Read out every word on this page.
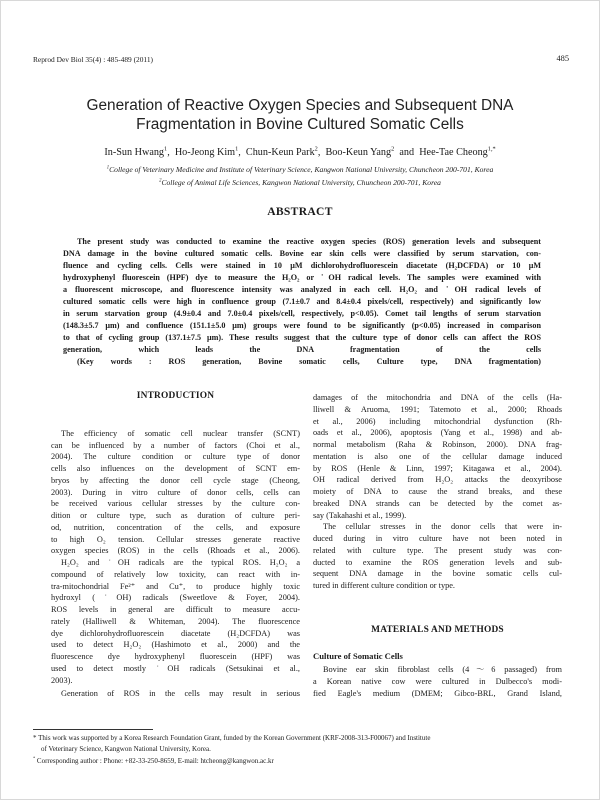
Reprod Dev Biol 35(4) : 485-489 (2011)	485
Generation of Reactive Oxygen Species and Subsequent DNA
Fragmentation in Bovine Cultured Somatic Cells
In-Sun Hwang$^1$,  Ho-Jeong Kim$^1$,  Chun-Keun Park$^2$,  Boo-Keun Yang$^2$  and  Hee-Tae Cheong$^{1,*}$
$^1$College of Veterinary Medicine and Institute of Veterinary Science, Kangwon National University, Chuncheon 200-701, Korea
$^2$College of Animal Life Sciences, Kangwon National University, Chuncheon 200-701, Korea
ABSTRACT
The present study was conducted to examine the reactive oxygen species (ROS) generation levels and subsequent
DNA damage in the bovine cultured somatic cells. Bovine ear skin cells were classified by serum starvation, con-
fluence and cycling cells. Cells were stained in 10 μM dichlorohydrofluorescein diacetate (H₂DCFDA) or 10 μM
hydroxyphenyl fluorescein (HPF) dye to measure the H₂O₂ or ˙OH radical levels. The samples were examined with
a fluorescent microscope, and fluorescence intensity was analyzed in each cell. H₂O₂ and ˙OH radical levels of
cultured somatic cells were high in confluence group (7.1±0.7 and 8.4±0.4 pixels/cell, respectively) and significantly low
in serum starvation group (4.9±0.4 and 7.0±0.4 pixels/cell, respectively, p<0.05). Comet tail lengths of serum starvation
(148.3±5.7 μm) and confluence (151.1±5.0 μm) groups were found to be significantly (p<0.05) increased in comparison
to that of cycling group (137.1±7.5 μm). These results suggest that the culture type of donor cells can affect the ROS
generation, which leads the DNA fragmentation of the cells
(Key words : ROS generation, Bovine somatic cells, Culture type, DNA fragmentation)
INTRODUCTION
The efficiency of somatic cell nuclear transfer (SCNT)
can be influenced by a number of factors (Choi et al.,
2004). The culture condition or culture type of donor
cells also influences on the development of SCNT em-
bryos by affecting the donor cell cycle stage (Cheong,
2003). During in vitro culture of donor cells, cells can
be received various cellular stresses by the culture con-
dition or culture type, such as duration of culture peri-
od, nutrition, concentration of the cells, and exposure
to high O₂ tension. Cellular stresses generate reactive
oxygen species (ROS) in the cells (Rhoads et al., 2006).
H₂O₂ and ˙OH radicals are the typical ROS. H₂O₂ a
compound of relatively low toxicity, can react with in-
tra-mitochondrial Fe²⁺ and Cu⁺, to produce highly toxic
hydroxyl (˙OH) radicals (Sweetlove & Foyer, 2004).
ROS levels in general are difficult to measure accu-
rately (Halliwell & Whiteman, 2004). The fluorescence
dye dichlorohydrofluorescein diacetate (H₂DCFDA) was
used to detect H₂O₂ (Hashimoto et al., 2000) and the
fluorescence dye hydroxyphenyl fluorescein (HPF) was
used to detect mostly ˙OH radicals (Setsukinai et al.,
2003).
Generation of ROS in the cells may result in serious
damages of the mitochondria and DNA of the cells (Ha-
lliwell & Aruoma, 1991; Tatemoto et al., 2000; Rhoads
et al., 2006) including mitochondrial dysfunction (Rh-
oads et al., 2006), apoptosis (Yang et al., 1998) and ab-
normal metabolism (Raha & Robinson, 2000). DNA frag-
mentation is also one of the cellular damage induced
by ROS (Henle & Linn, 1997; Kitagawa et al., 2004).
OH radical derived from H₂O₂ attacks the deoxyribose
moiety of DNA to cause the strand breaks, and these
breaked DNA strands can be detected by the comet as-
say (Takahashi et al., 1999).
The cellular stresses in the donor cells that were in-
duced during in vitro culture have not been noted in
related with culture type. The present study was con-
ducted to examine the ROS generation levels and sub-
sequent DNA damage in the bovine somatic cells cul-
tured in different culture condition or type.
MATERIALS AND METHODS
Culture of Somatic Cells
Bovine ear skin fibroblast cells (4～6 passaged) from
a Korean native cow were cultured in Dulbecco's modi-
fied Eagle's medium (DMEM; Gibco-BRL, Grand Island,
* This work was supported by a Korea Research Foundation Grant, funded by the Korean Government (KRF-2008-313-F00067) and Institute
of Veterinary Science, Kangwon National University, Korea.
* Corresponding author : Phone: +82-33-250-8659, E-mail: htcheong@kangwon.ac.kr
